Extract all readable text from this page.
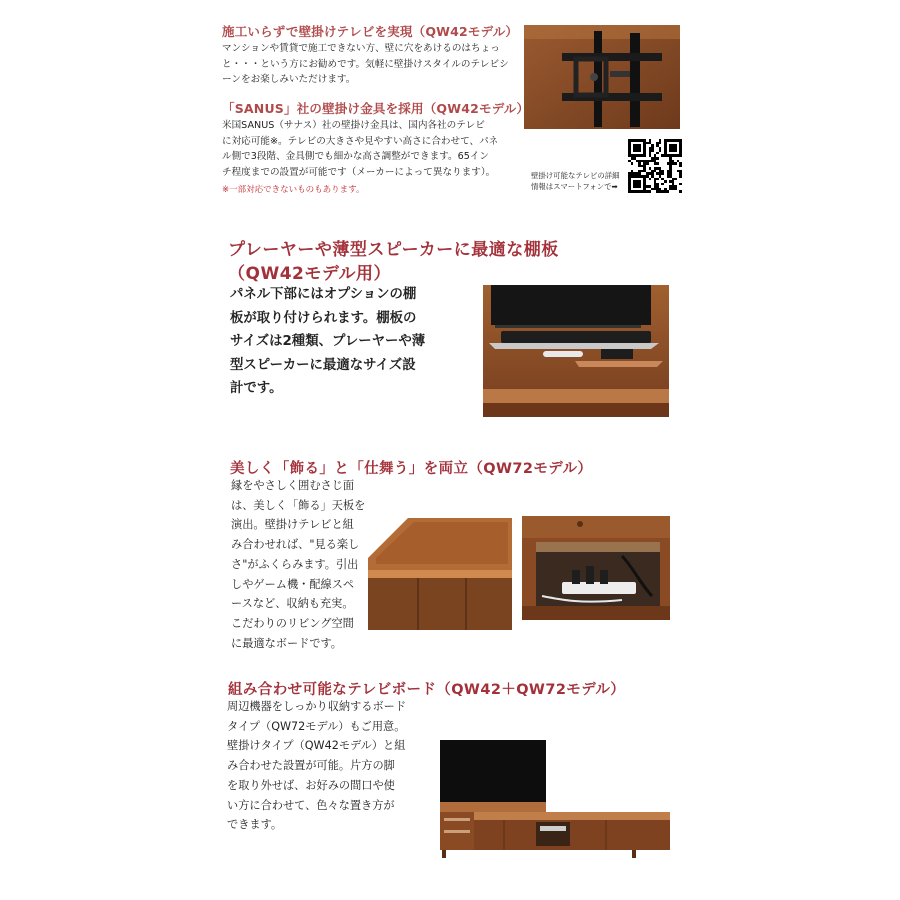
施工いらずで壁掛けテレビを実現（QW42モデル）
マンションや賃貸で施工できない方、壁に穴をあけるのはちょっ
と・・・という方にお勧めです。気軽に壁掛けスタイルのテレビシ
ーンをお楽しみいただけます。
「SANUS」社の壁掛け金具を採用（QW42モデル）
米国SANUS（サナス）社の壁掛け金具は、国内各社のテレビ
に対応可能※。テレビの大きさや見やすい高さに合わせて、パネ
ル側で3段階、金具側でも細かな高さ調整ができます。65イン
チ程度までの設置が可能です（メーカーによって異なります）。
※一部対応できないものもあります。
壁掛け可能なテレビの詳細
情報はスマートフォンで➡
プレーヤーや薄型スピーカーに最適な棚板
（QW42モデル用）
パネル下部にはオプションの棚
板が取り付けられます。棚板の
サイズは2種類、プレーヤーや薄
型スピーカーに最適なサイズ設
計です。
美しく「飾る」と「仕舞う」を両立（QW72モデル）
縁をやさしく囲むさじ面
は、美しく「飾る」天板を
演出。壁掛けテレビと組
み合わせれば、"見る楽し
さ"がふくらみます。引出
しやゲーム機・配線スペ
ースなど、収納も充実。
こだわりのリビング空間
に最適なボードです。
組み合わせ可能なテレビボード（QW42＋QW72モデル）
周辺機器をしっかり収納するボード
タイプ（QW72モデル）もご用意。
壁掛けタイプ（QW42モデル）と組
み合わせた設置が可能。片方の脚
を取り外せば、お好みの間口や使
い方に合わせて、色々な置き方が
できます。
